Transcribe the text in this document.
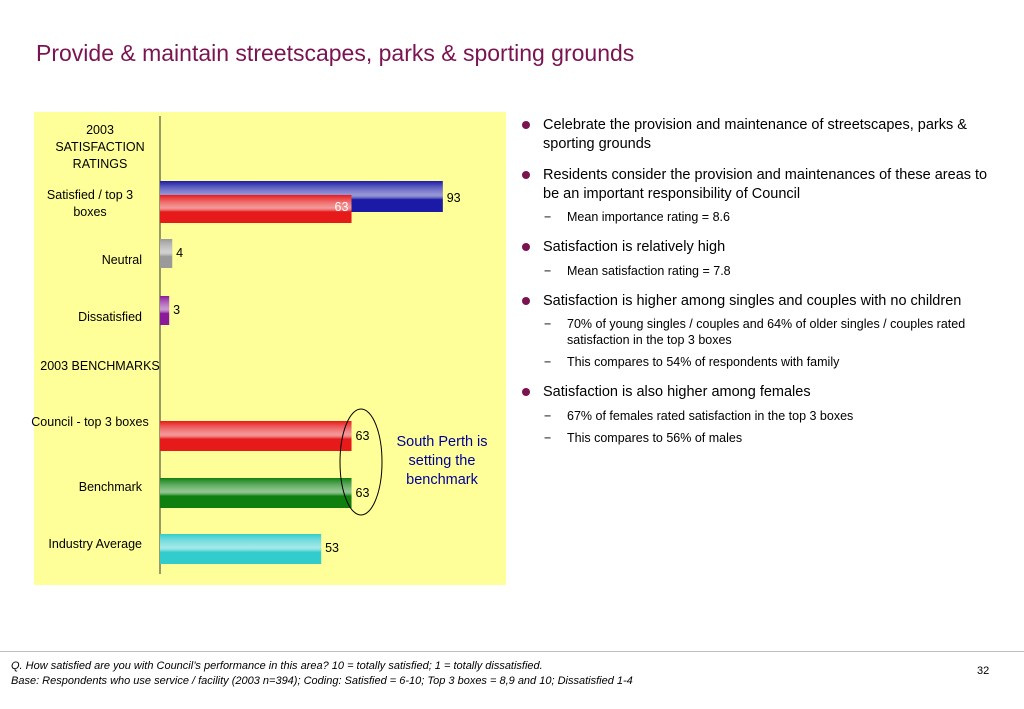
Provide & maintain streetscapes, parks & sporting grounds
2003 SATISFACTION RATINGS
2003 BENCHMARKS
Satisfied / top 3 boxes
Neutral
Dissatisfied
Council - top 3 boxes
Benchmark
Industry Average
93
63
4
3
63
63
53
South Perth is setting the benchmark
Celebrate the provision and maintenance of streetscapes, parks & sporting grounds
Residents consider the provision and maintenances of these areas to be an important responsibility of Council
− Mean importance rating = 8.6
Satisfaction is relatively high
− Mean satisfaction rating = 7.8
Satisfaction is higher among singles and couples with no children
− 70% of young singles / couples and 64% of older singles / couples rated satisfaction in the top 3 boxes
− This compares to 54% of respondents with family
Satisfaction is also higher among females
− 67% of females rated satisfaction in the top 3 boxes
− This compares to 56% of males
Q. How satisfied are you with Council’s performance in this area? 10 = totally satisfied; 1 = totally dissatisfied.
Base: Respondents who use service / facility (2003 n=394); Coding: Satisfied = 6-10; Top 3 boxes = 8,9 and 10; Dissatisfied 1-4
32
